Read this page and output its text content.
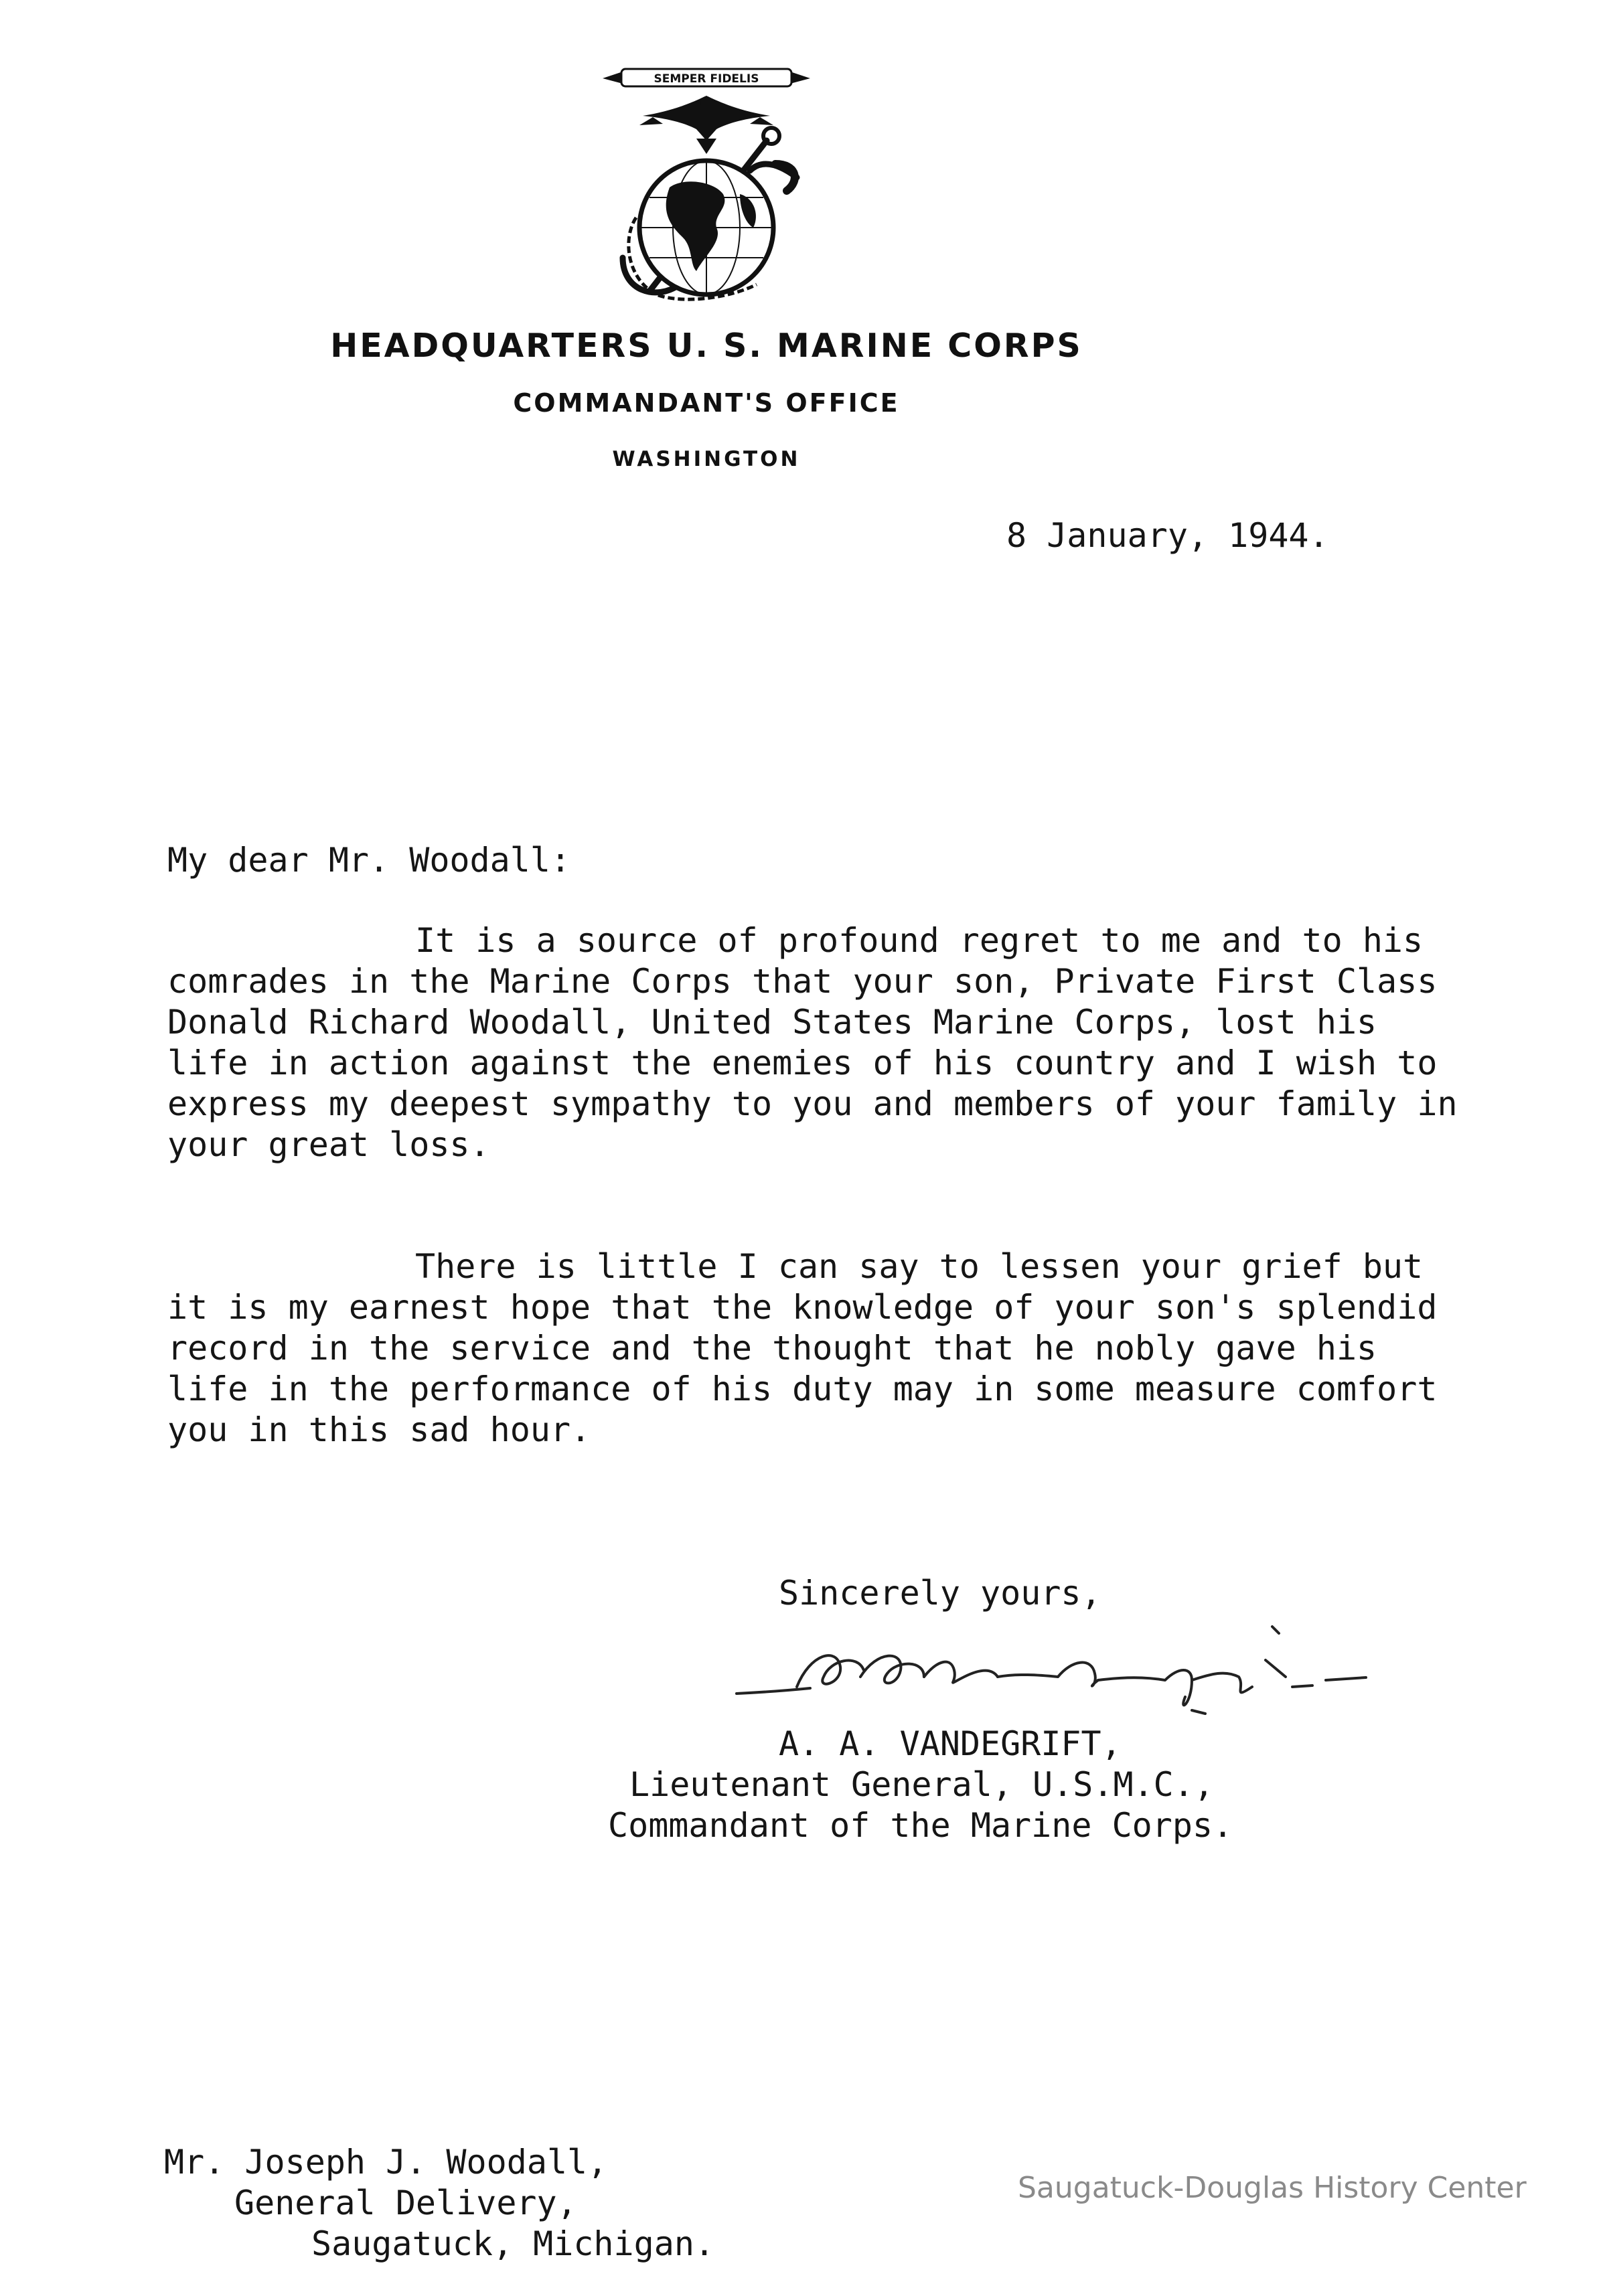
SEMPER FIDELIS
HEADQUARTERS U. S. MARINE CORPS
COMMANDANT'S OFFICE
WASHINGTON
8 January, 1944.
My dear Mr. Woodall:

It is a source of profound regret to me and to his comrades in the Marine Corps that your son, Private First Class Donald Richard Woodall, United States Marine Corps, lost his life in action against the enemies of his country and I wish to express my deepest sympathy to you and members of your family in your great loss.

There is little I can say to lessen your grief but it is my earnest hope that the knowledge of your son's splendid record in the service and the thought that he nobly gave his life in the performance of his duty may in some measure comfort you in this sad hour.

Sincerely yours,
A. A. VANDEGRIFT,
Lieutenant General, U.S.M.C.,
Commandant of the Marine Corps.
Mr. Joseph J. Woodall,
General Delivery,
Saugatuck, Michigan.
Saugatuck-Douglas History Center
